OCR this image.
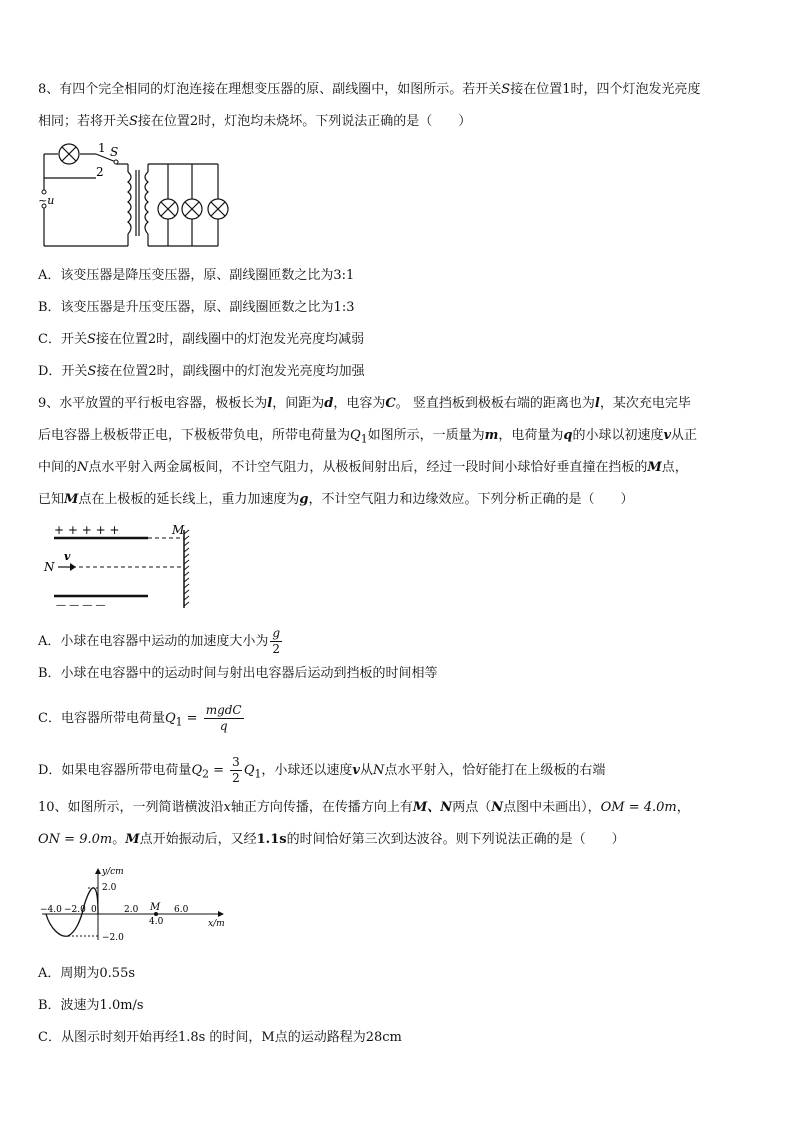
8、有四个完全相同的灯泡连接在理想变压器的原、副线圈中，如图所示。若开关S接在位置1时，四个灯泡发光亮度
相同；若将开关S接在位置2时，灯泡均未烧坏。下列说法正确的是（　　）
1
2
S
~u
A．该变压器是降压变压器，原、副线圈匝数之比为3:1
B．该变压器是升压变压器，原、副线圈匝数之比为1:3
C．开关S接在位置2时，副线圈中的灯泡发光亮度均减弱
D．开关S接在位置2时，副线圈中的灯泡发光亮度均加强
9、水平放置的平行板电容器，极板长为l，间距为d，电容为C。 竖直挡板到极板右端的距离也为l，某次充电完毕
后电容器上极板带正电，下极板带负电，所带电荷量为$Q_1$如图所示，一质量为m，电荷量为q的小球以初速度v从正
中间的N点水平射入两金属板间，不计空气阻力，从极板间射出后，经过一段时间小球恰好垂直撞在挡板的M点，
已知M点在上极板的延长线上，重力加速度为g，不计空气阻力和边缘效应。下列分析正确的是（　　）
+ + + + +
— — — —
N
v
M
A．小球在电容器中运动的加速度大小为 $\frac{g}{2}$
B．小球在电容器中的运动时间与射出电容器后运动到挡板的时间相等
C．电容器所带电荷量$Q_1 = \frac{\text{mgdC}}{q}$
D．如果电容器所带电荷量$Q_2 = \frac{3}{2} Q_1$，小球还以速度v从N点水平射入，恰好能打在上级板的右端
10、如图所示，一列简谐横波沿x轴正方向传播，在传播方向上有M、N两点（N点图中未画出），OM = 4.0m，
ON = 9.0m。M点开始振动后，又经1.1s的时间恰好第三次到达波谷。则下列说法正确的是（　　）
y/cm
x/m
2.0
−2.0
M
−4.0 −2.0 0	2.0
4.0
6.0
A．周期为0.55s
B．波速为1.0m/s
C．从图示时刻开始再经1.8s 的时间，M点的运动路程为28cm
